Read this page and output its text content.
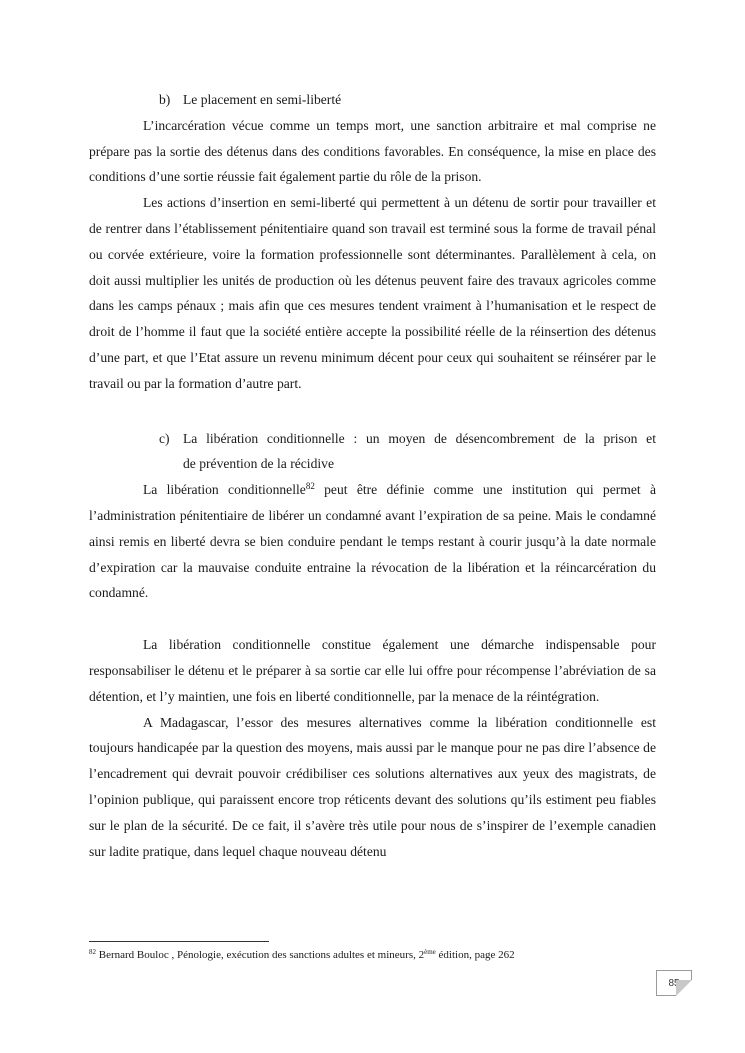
b) Le placement en semi-liberté

L’incarcération vécue comme un temps mort, une sanction arbitraire et mal comprise ne prépare pas la sortie des détenus dans des conditions favorables. En conséquence, la mise en place des conditions d’une sortie réussie fait également partie du rôle de la prison.

Les actions d’insertion en semi-liberté qui permettent à un détenu de sortir pour travailler et de rentrer dans l’établissement pénitentiaire quand son travail est terminé sous la forme de travail pénal ou corvée extérieure, voire la formation professionnelle sont déterminantes. Parallèlement à cela, on doit aussi multiplier les unités de production où les détenus peuvent faire des travaux agricoles comme dans les camps pénaux ; mais afin que ces mesures tendent vraiment à l’humanisation et le respect de droit de l’homme il faut que la société entière accepte la possibilité réelle de la réinsertion des détenus d’une part, et que l’Etat assure un revenu minimum décent pour ceux qui souhaitent se réinsérer par le travail ou par la formation d’autre part.

c) La libération conditionnelle : un moyen de désencombrement de la prison et
de prévention de la récidive

La libération conditionnelle$^{82}$ peut être définie comme une institution qui permet à l’administration pénitentiaire de libérer un condamné avant l’expiration de sa peine. Mais le condamné ainsi remis en liberté devra se bien conduire pendant le temps restant à courir jusqu’à la date normale d’expiration car la mauvaise conduite entraine la révocation de la libération et la réincarcération du condamné.

La libération conditionnelle constitue également une démarche indispensable pour responsabiliser le détenu et le préparer à sa sortie car elle lui offre pour récompense l’abréviation de sa détention, et l’y maintien, une fois en liberté conditionnelle, par la menace de la réintégration.

A Madagascar, l’essor des mesures alternatives comme la libération conditionnelle est toujours handicapée par la question des moyens, mais aussi par le manque pour ne pas dire l’absence de l’encadrement qui devrait pouvoir crédibiliser ces solutions alternatives aux yeux des magistrats, de l’opinion publique, qui paraissent encore trop réticents devant des solutions qu’ils estiment peu fiables sur le plan de la sécurité. De ce fait, il s’avère très utile pour nous de s’inspirer de l’exemple canadien sur ladite pratique, dans lequel chaque nouveau détenu

$^{82}$ Bernard Bouloc , Pénologie, exécution des sanctions adultes et mineurs, 2ème édition, page 262
85
